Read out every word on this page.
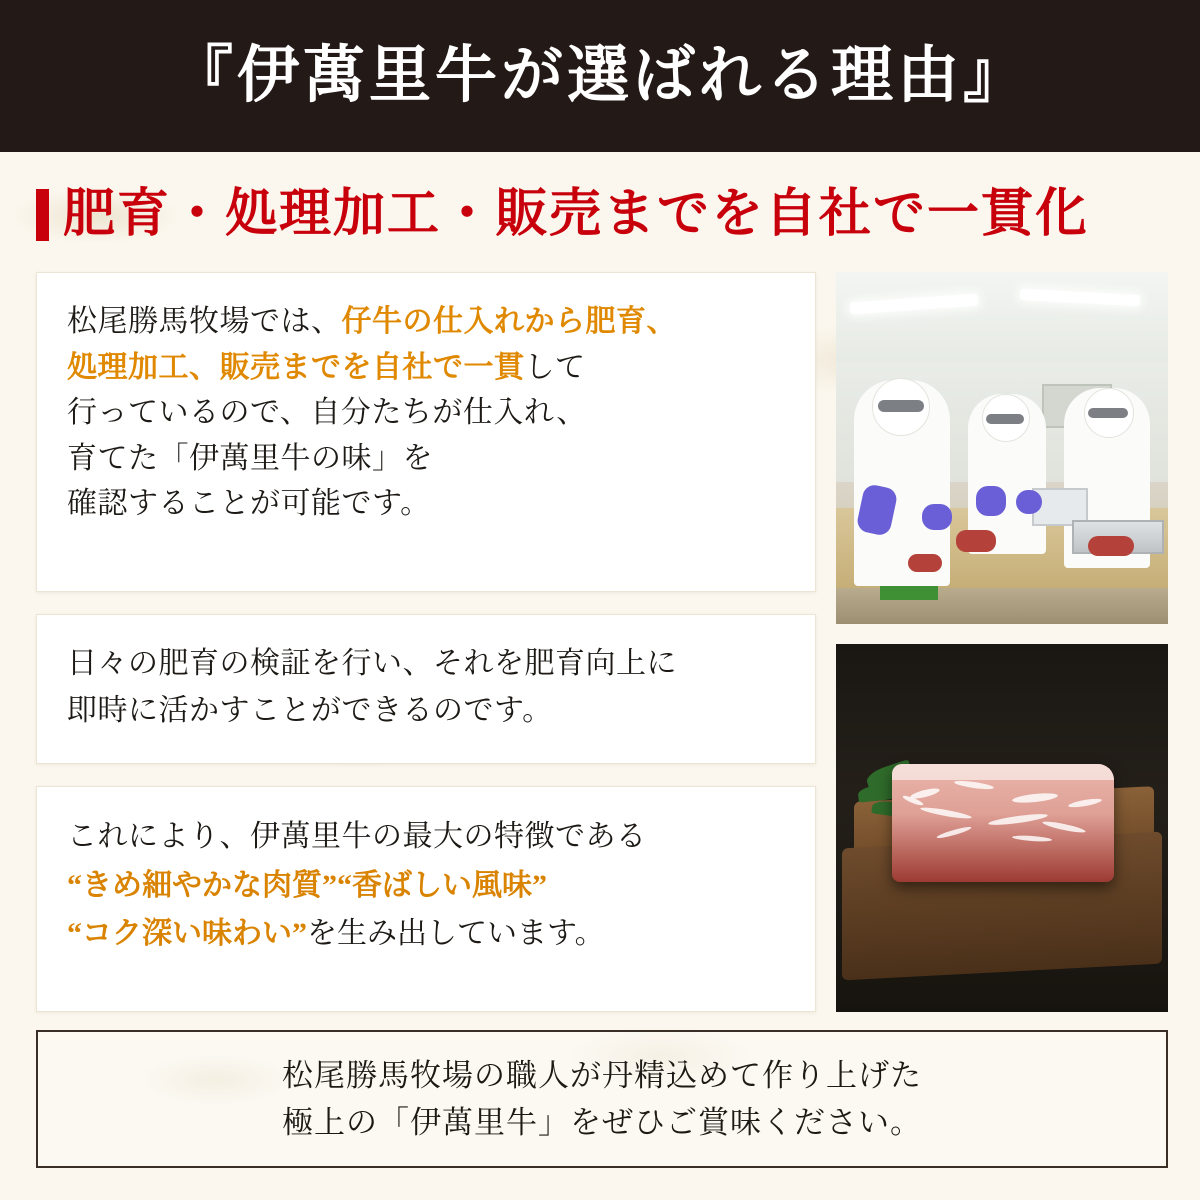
『伊萬里牛が選ばれる理由』
肥育・処理加工・販売までを自社で一貫化

松尾勝馬牧場では、仔牛の仕入れから肥育、

処理加工、販売までを自社で一貫して

行っているので、自分たちが仕入れ、

育てた「伊萬里牛の味」を

確認することが可能です。

日々の肥育の検証を行い、それを肥育向上に

即時に活かすことができるのです。

これにより、伊萬里牛の最大の特徴である

“きめ細やかな肉質”“香ばしい風味”

“コク深い味わい”を生み出しています。

松尾勝馬牧場の職人が丹精込めて作り上げた

極上の「伊萬里牛」をぜひご賞味ください。
